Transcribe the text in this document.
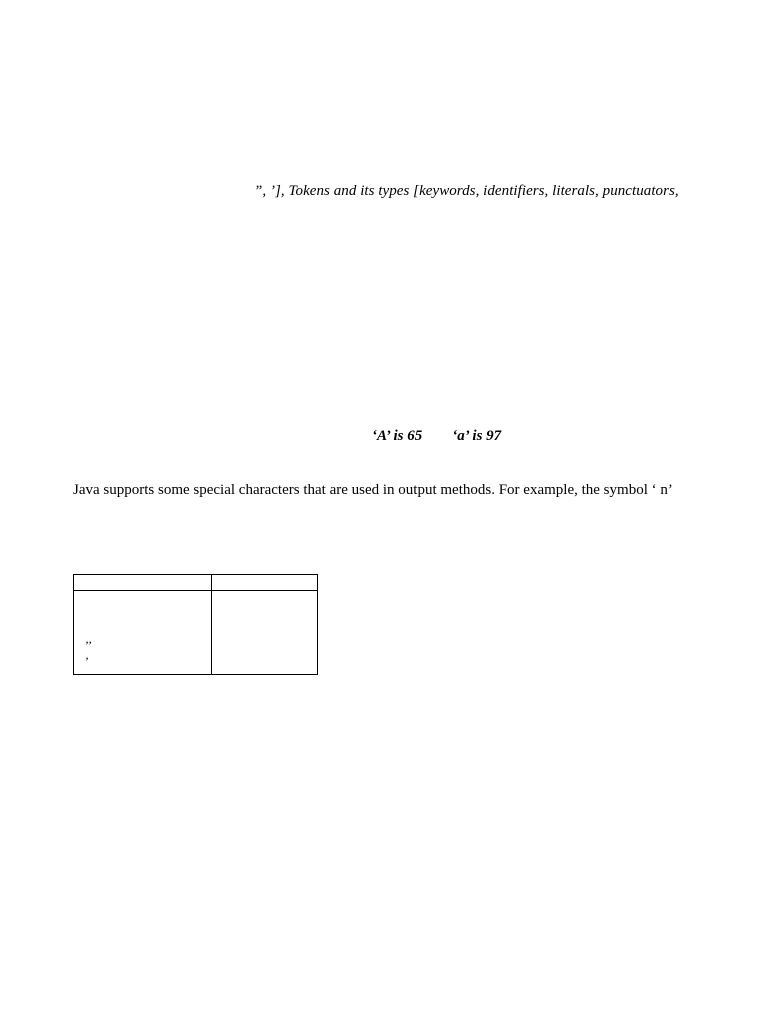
”, ’], Tokens and its types [keywords, identifiers, literals, punctuators,
‘A’ is 65 ‘a’ is 97
Java supports some special characters that are used in output methods. For example, the symbol ‘ n’

’’
’	
